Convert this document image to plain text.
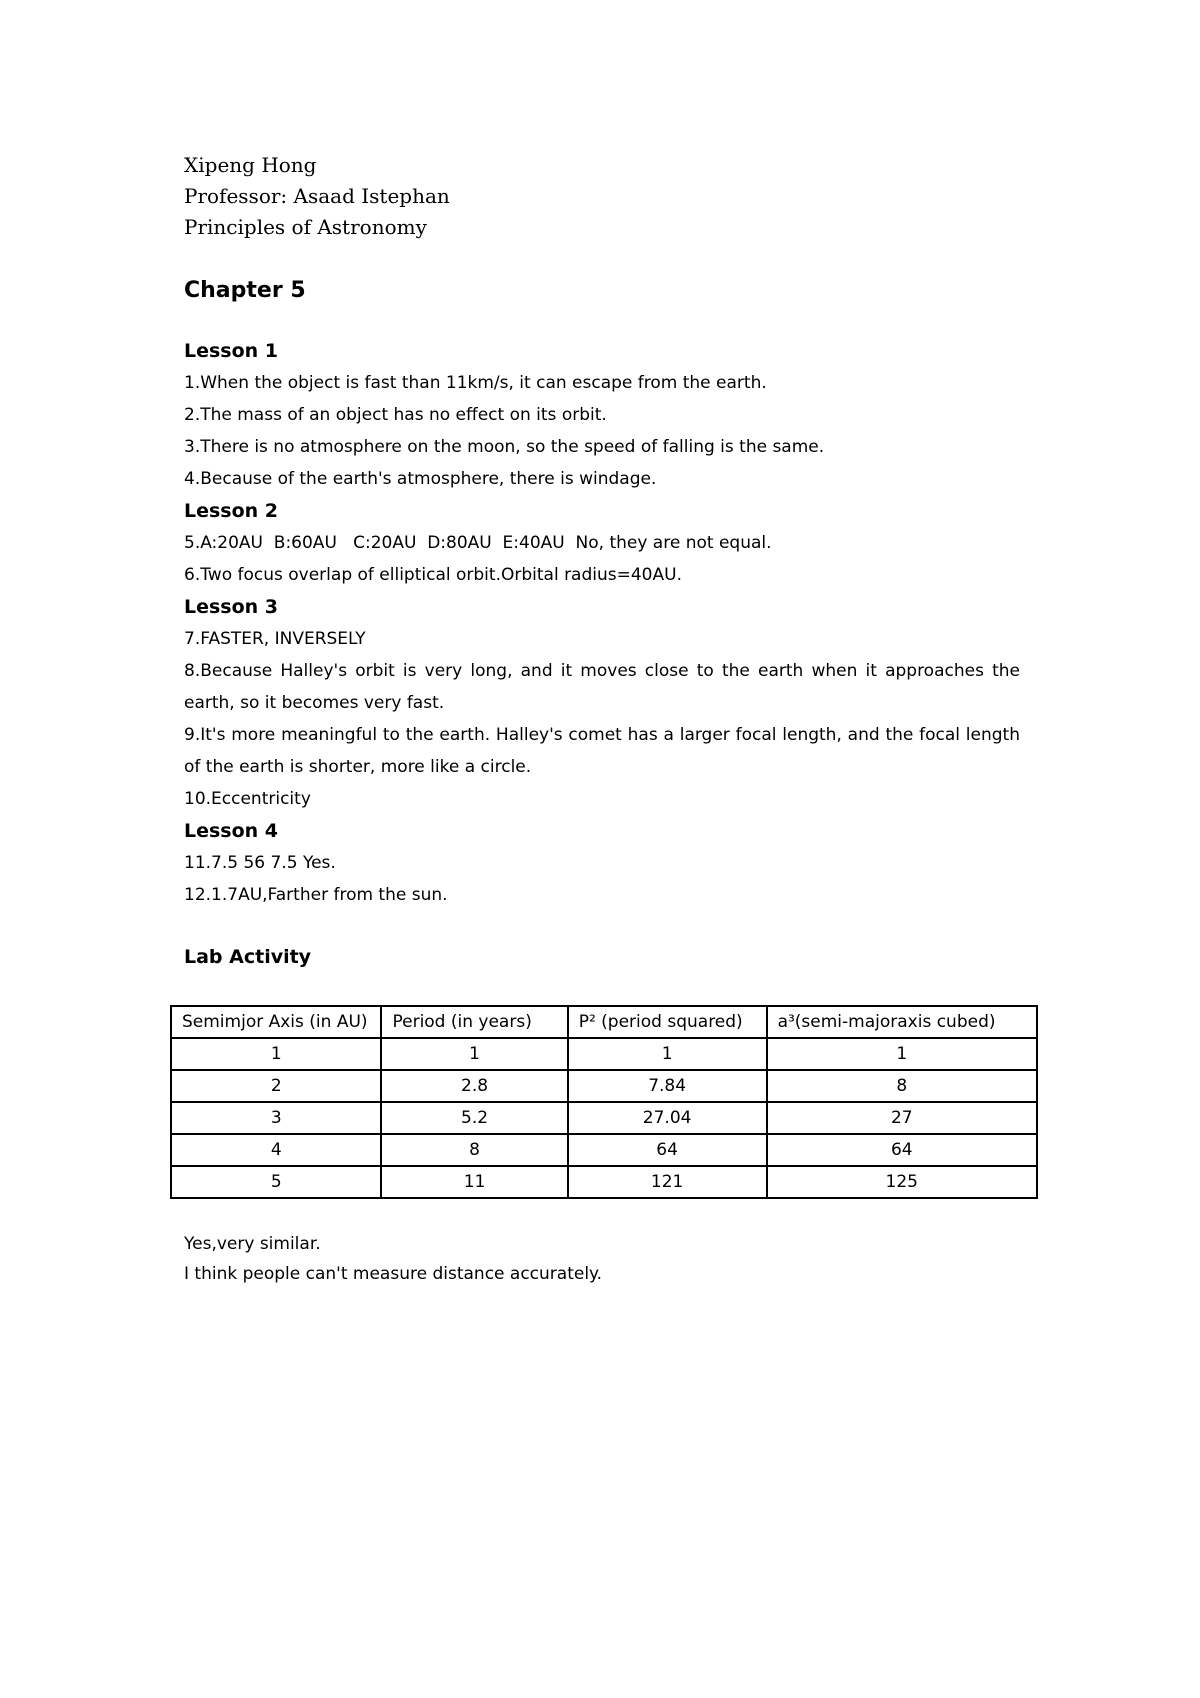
Xipeng Hong
Professor: Asaad Istephan
Principles of Astronomy
Chapter 5
Lesson 1
1.When the object is fast than 11km/s, it can escape from the earth.
2.The mass of an object has no effect on its orbit.
3.There is no atmosphere on the moon, so the speed of falling is the same.
4.Because of the earth's atmosphere, there is windage.
Lesson 2
5.A:20AU  B:60AU   C:20AU  D:80AU  E:40AU  No, they are not equal.
6.Two focus overlap of elliptical orbit.Orbital radius=40AU.
Lesson 3
7.FASTER, INVERSELY
8.Because Halley's orbit is very long, and it moves close to the earth when it approaches the earth, so it becomes very fast.
9.It's more meaningful to the earth. Halley's comet has a larger focal length, and the focal length of the earth is shorter, more like a circle.
10.Eccentricity
Lesson 4
11.7.5 56 7.5 Yes.
12.1.7AU,Farther from the sun.
Lab Activity
Semimjor Axis (in AU)	Period (in years)	P² (period squared)	a³(semi-majoraxis cubed)
1	1	1	1
2	2.8	7.84	8
3	5.2	27.04	27
4	8	64	64
5	11	121	125
Yes,very similar.
I think people can't measure distance accurately.
